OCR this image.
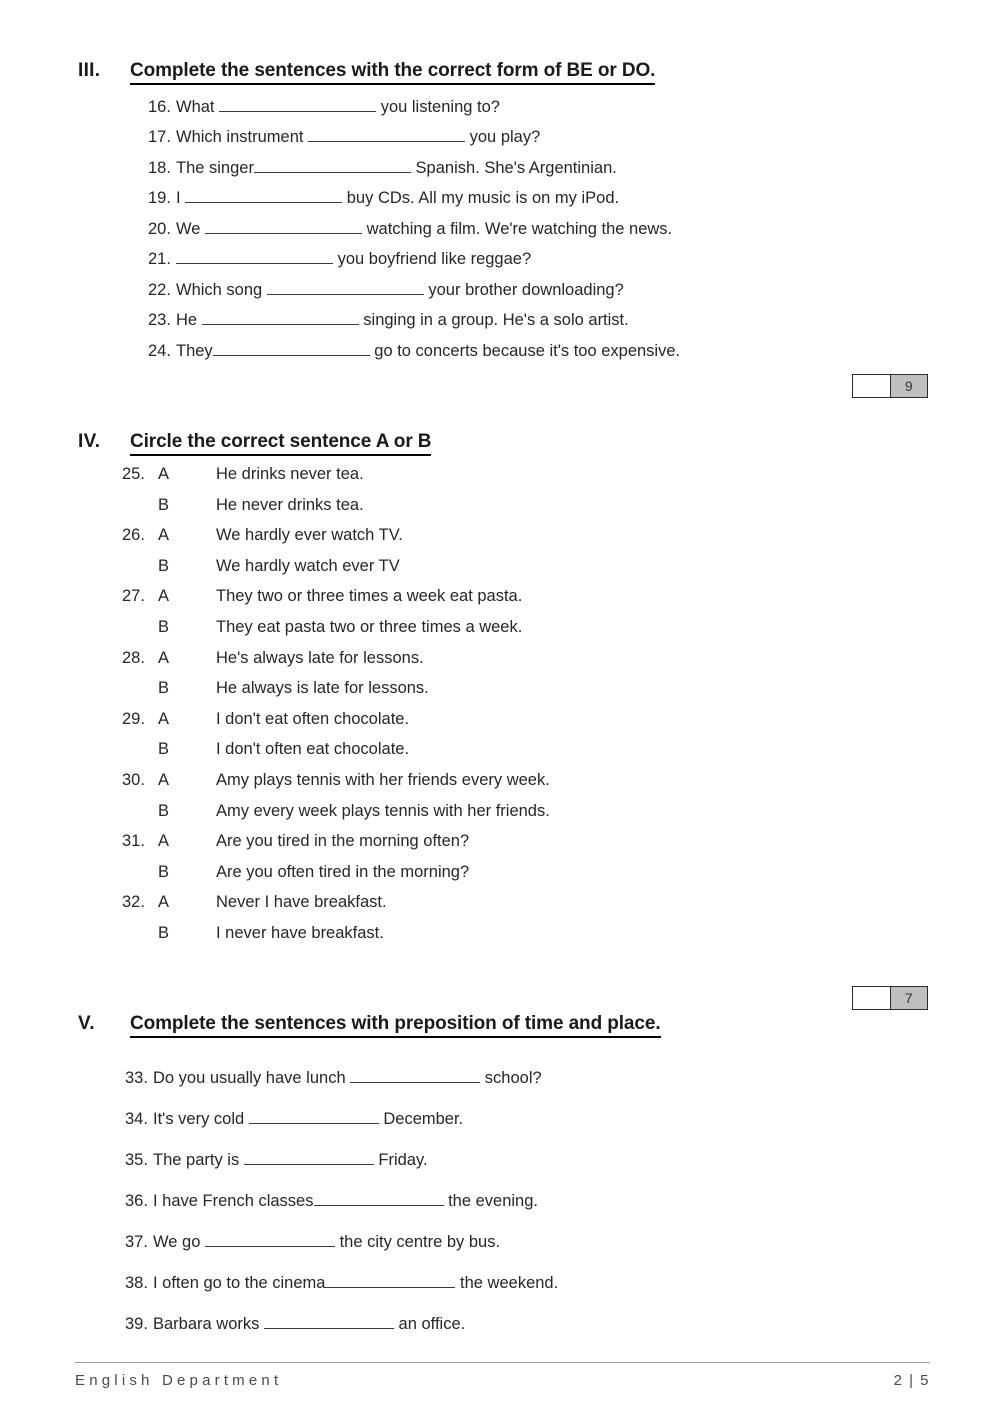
III.	Complete the sentences with the correct form of BE or DO.
16. What	you listening to?
17. Which instrument	you play?
18. The singer	Spanish. She's Argentinian.
19. I	buy CDs. All my music is on my iPod.
20. We	watching a film. We're watching the news.
21.	you boyfriend like reggae?
22. Which song	your brother downloading?
23. He	singing in a group. He's a solo artist.
24. They	go to concerts because it's too expensive.
9
IV.	Circle the correct sentence A or B
25. A	He drinks never tea.
B	He never drinks tea.
26. A	We hardly ever watch TV.
B	We hardly watch ever TV
27. A	They two or three times a week eat pasta.
B	They eat pasta two or three times a week.
28. A	He's always late for lessons.
B	He always is late for lessons.
29. A	I don't eat often chocolate.
B	I don't often eat chocolate.
30. A	Amy plays tennis with her friends every week.
B	Amy every week plays tennis with her friends.
31. A	Are you tired in the morning often?
B	Are you often tired in the morning?
32. A	Never I have breakfast.
B	I never have breakfast.
7
V.	Complete the sentences with preposition of time and place.
33. Do you usually have lunch	school?
34. It's very cold	December.
35. The party is	Friday.
36. I have French classes	the evening.
37. We go	the city centre by bus.
38. I often go to the cinema	the weekend.
39. Barbara works	an office.
English Department	2 | 5
